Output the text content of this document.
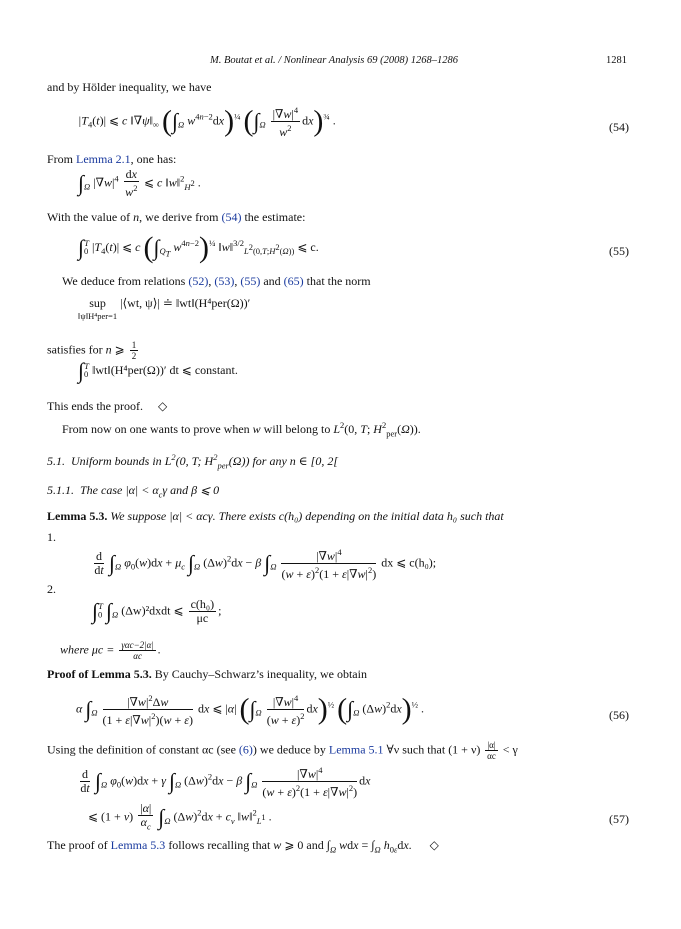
M. Boutat et al. / Nonlinear Analysis 69 (2008) 1268–1286	1281
and by Hölder inequality, we have
$|T_4(t)|$ ⩽ c $‖\nabla\psi‖_\infty$ ($\int_\Omega$ $w^{4n-2}dx)^{\frac{1}{4}}$ $(\int_\Omega \frac{|\nabla w|^4}{w^2} dx)^{\frac{3}{4}}$ .	(54)
From Lemma 2.1, one has:
$\int_\Omega$ $|\nabla w|^4 \frac{dx}{w^2}$ ⩽ c ‖w‖$^2_{H^2}$ .
With the value of n, we derive from (54) the estimate:
$\int_0^T$ $|T_4(t)|$ ⩽ c ($\int_{Q_T}$ $w^{4n-2})^{\frac{1}{4}}$ ‖w‖$^{3/2}_{L^2(0,T;H^2(\Omega))}$ ⩽ c.	(55)
We deduce from relations (52), (53), (55) and (65) that the norm
sup
‖ψ‖H⁴per=1
|⟨wt, ψ⟩| ≐ ‖wt‖(H⁴per(Ω))′
satisfies for n ⩾ $\frac{1}{2}$
$\int_0^T$ ‖wt‖(H⁴per(Ω))′ dt ⩽ constant.
This ends the proof. ◇
From now on one wants to prove when w will belong to $L^2(0$, T; $H^2_{per}(\Omega)$).
5.1.  Uniform bounds in $L^2(0$, T; $H^2_{per}(\Omega)$) for any n ∈ [0, 2[
5.1.1.  The case $|\alpha| < \alpha_c\gamma$ and β ⩽ 0
Lemma 5.3. We suppose |α| < αcγ. There exists c(h₀) depending on the initial data h₀ such that
1.
$\frac{d}{dt} \int_\Omega$ $\varphi_0(w)dx + \mu_c$ $\int_\Omega$ $(\Delta w)^2dx - \beta$ $\int_\Omega \frac{|\nabla w|^4}{(w + \varepsilon)^2(1 + \varepsilon|\nabla w|^2)}$ dx ⩽ c(h₀);
2.
$\int_0^T$ $\int_\Omega$ (Δw)²dxdt ⩽ $\frac{\text{c(h₀)}}{\mu c}$ ;
where $\mu c = \frac{\text{γαc−2|α|}}{\alpha c}$ .
Proof of Lemma 5.3. By Cauchy–Schwarz’s inequality, we obtain
α $\int_\Omega \frac{|\nabla w|^2\Delta w}{(1 + \varepsilon|\nabla w|^2)(w + \varepsilon)}$ dx ⩽ |α| $(\int_\Omega \frac{|\nabla w|^4}{(w + \varepsilon)^2} dx)^{\frac{1}{2}}$ ($\int_\Omega$ $(\Delta w)^2dx)^{\frac{1}{2}}$ .	(56)
Using the definition of constant αc (see (6)) we deduce by Lemma 5.1 ∀ν such that $(1 + \nu) \frac{|\alpha|}{\alpha c} < \gamma$
$\frac{d}{dt} \int_\Omega$ $\varphi_0(w)dx + \gamma$ $\int_\Omega$ $(\Delta w)^2dx - \beta$ $\int_\Omega \frac{|\nabla w|^4}{(w + \varepsilon)^2(1 + \varepsilon|\nabla w|^2)}$ dx
⩽ $(1 + \nu) \frac{|\alpha|}{\alpha_c} \int_\Omega$ $(\Delta w)^2dx + c_\nu$ ‖w‖$^2_{L^1}$ .	(57)
The proof of Lemma 5.3 follows recalling that w ⩾ 0 and $\int_\Omega$ wdx = $\int_\Omega$ $h_{0\varepsilon}dx$.      ◇
